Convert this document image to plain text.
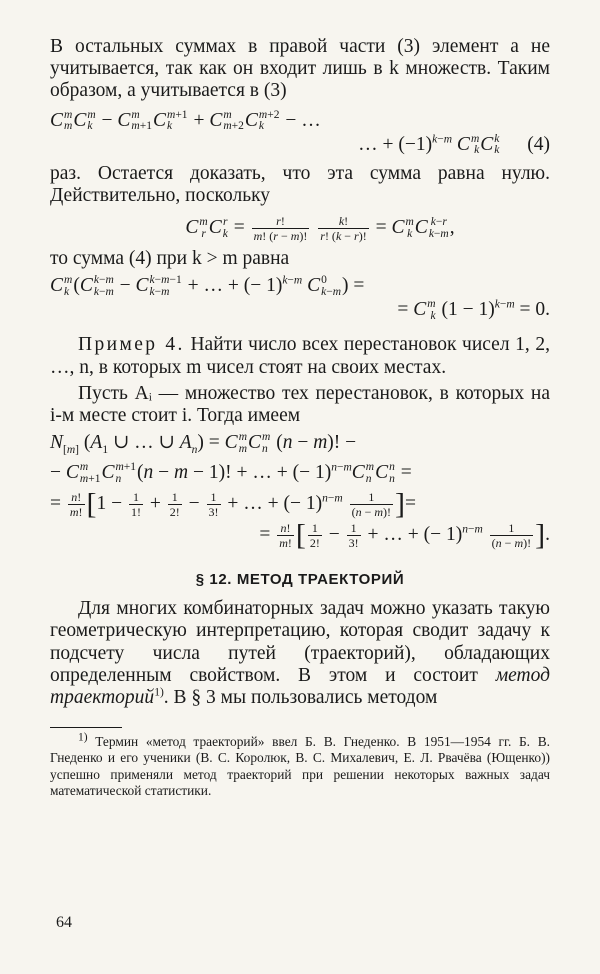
В остальных суммах в правой части (3) элемент a не учитывается, так как он входит лишь в k множеств. Таким образом, a учитывается в (3)

C m
m C m
k − C m
m+1 C m+1
k + C m
m+2 C m+2
k − …

… + $(-1)^{k-m}$ C m
k C k
k (4)

раз. Остается доказать, что эта сумма равна нулю. Действительно, поскольку

C m
r C r
$k = \frac{r!}{m! (r - m)!}$
$\frac{k!}{r! (k - r)!} = C$ m
k C k−r
k−m ,

то сумма (4) при k > m равна

C m
k (C k−m
k−m − C k−m−1
k−m + … + (− 1)$^{k-m}$ C 0
k−m ) =

= C m
k $(1 - 1)^{k-m} = 0$.

Пример 4. Найти число всех перестановок чисел 1, 2, …, n, в которых m чисел стоят на своих местах.

Пусть Aᵢ — множество тех перестановок, в которых на i-м месте стоит i. Тогда имеем

$N_{[m]}$ ($A_1$ ∪ … ∪ $A_n) = C$ m
m C m
n (n − m)! −

− C m
m+1 C m+1
n (n − m − 1)! + … + (− 1)$^{n-m}$C m
n C n
n =

= $\frac{n!}{m!} [1 - \frac{1}{1!} + \frac{1}{2!} - \frac{1}{3!}$ + … + (− $1)^{n-m} \frac{1}{(n - m)!}$ ]=

= $\frac{n!}{m!}$ [ $\frac{1}{2!} - \frac{1}{3!}$ + … + (− $1)^{n-m} \frac{1}{(n - m)!}$ ].

§ 12. МЕТОД ТРАЕКТОРИЙ

Для многих комбинаторных задач можно указать такую геометрическую интерпретацию, которая сводит задачу к подсчету числа путей (траекторий), обладающих определенным свойством. В этом и состоит метод траекторий$^{1)}$. В § 3 мы пользовались методом

$^{1)}$ Термин «метод траекторий» ввел Б. В. Гнеденко. В 1951—1954 гг. Б. В. Гнеденко и его ученики (В. С. Королюк, В. С. Михалевич, Е. Л. Рвачёва (Ющенко)) успешно применяли метод траекторий при решении некоторых важных задач математической статистики.

64
